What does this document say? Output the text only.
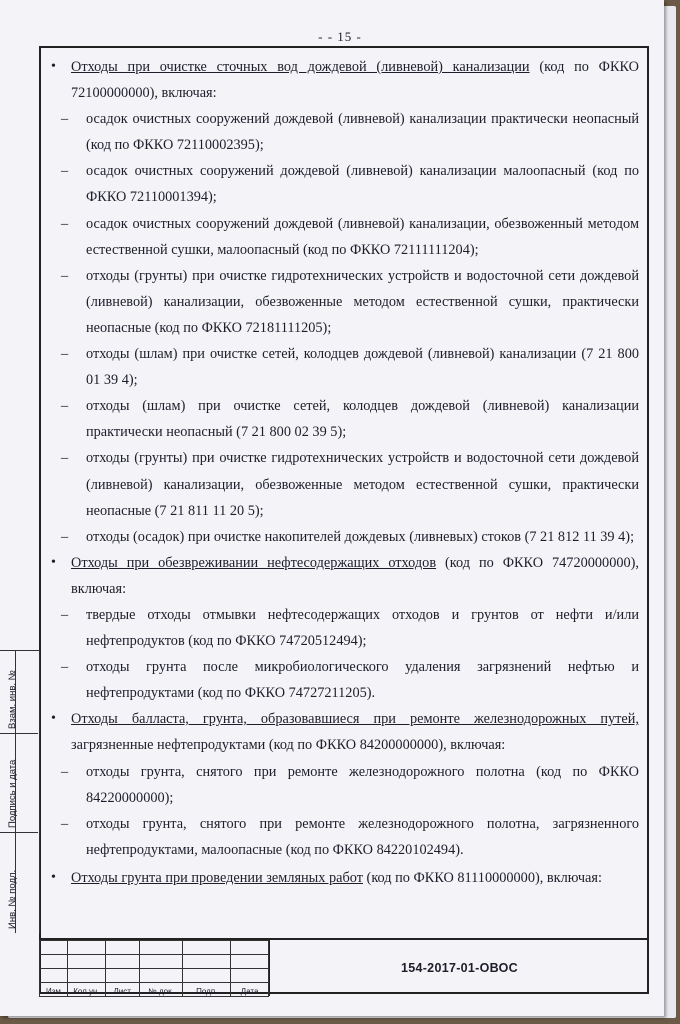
- - 15 -
• Отходы при очистке сточных вод дождевой (ливневой) канализации (код по ФККО 72100000000), включая:
– осадок очистных сооружений дождевой (ливневой) канализации практически неопасный (код по ФККО 72110002395);
– осадок очистных сооружений дождевой (ливневой) канализации малоопасный (код по ФККО 72110001394);
– осадок очистных сооружений дождевой (ливневой) канализации, обезвоженный методом естественной сушки, малоопасный (код по ФККО 72111111204);
– отходы (грунты) при очистке гидротехнических устройств и водосточной сети дождевой (ливневой) канализации, обезвоженные методом естественной сушки, практически неопасные (код по ФККО 72181111205);
– отходы (шлам) при очистке сетей, колодцев дождевой (ливневой) канализации (7 21 800 01 39 4);
– отходы (шлам) при очистке сетей, колодцев дождевой (ливневой) канализации практически неопасный (7 21 800 02 39 5);
– отходы (грунты) при очистке гидротехнических устройств и водосточной сети дождевой (ливневой) канализации, обезвоженные методом естественной сушки, практически неопасные (7 21 811 11 20 5);
– отходы (осадок) при очистке накопителей дождевых (ливневых) стоков (7 21 812 11 39 4);
• Отходы при обезвреживании нефтесодержащих отходов (код по ФККО 74720000000), включая:
– твердые отходы отмывки нефтесодержащих отходов и грунтов от нефти и/или нефтепродуктов (код по ФККО 74720512494);
– отходы грунта после микробиологического удаления загрязнений нефтью и нефтепродуктами (код по ФККО 74727211205).
• Отходы балласта, грунта, образовавшиеся при ремонте железнодорожных путей, загрязненные нефтепродуктами (код по ФККО 84200000000), включая:
– отходы грунта, снятого при ремонте железнодорожного полотна (код по ФККО 84220000000);
– отходы грунта, снятого при ремонте железнодорожного полотна, загрязненного нефтепродуктами, малоопасные (код по ФККО 84220102494).
• Отходы грунта при проведении земляных работ (код по ФККО 81110000000), включая:
Взам. инв. №
Подпись и дата
Инв. № подл.

Изм	Кол.уч.	Лист	№ док.	Подп.	Дата
154-2017-01-ОВОС
